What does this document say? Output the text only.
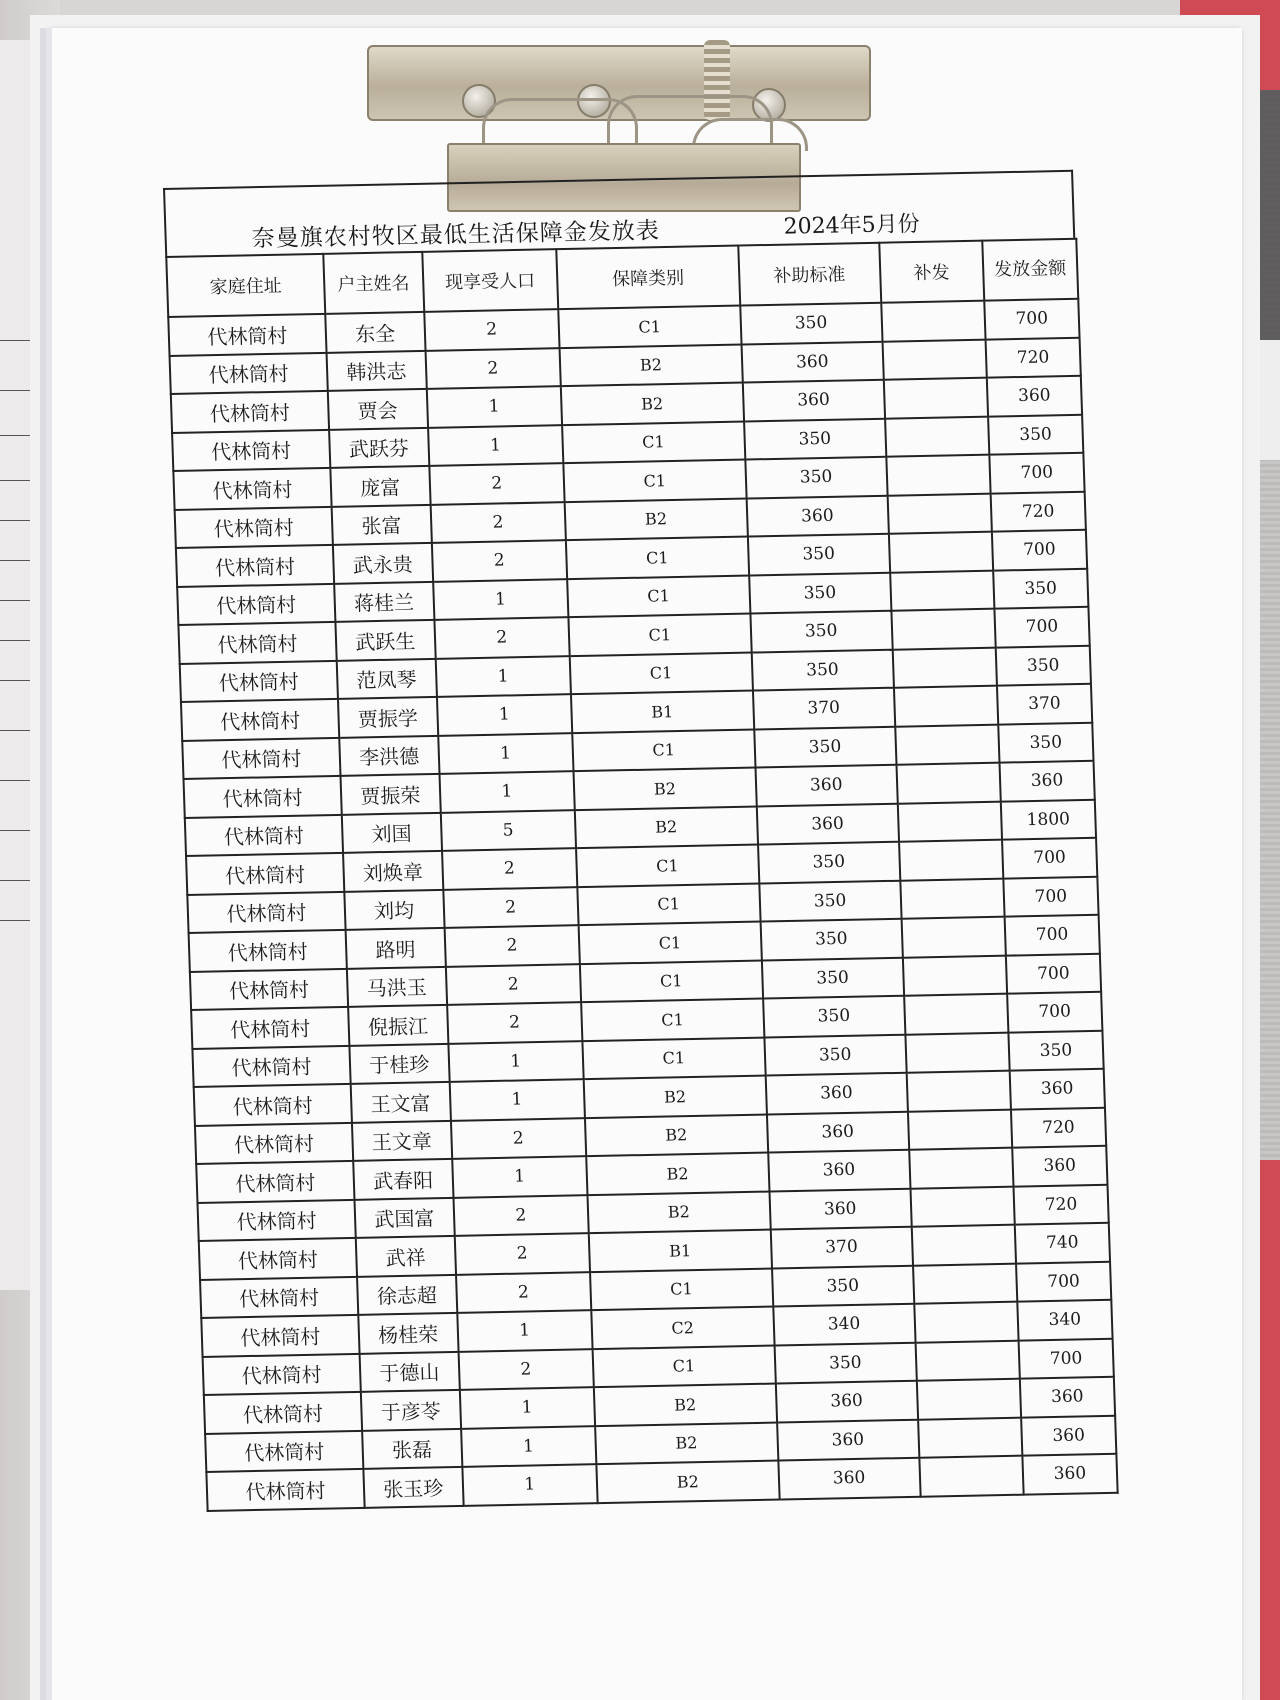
奈曼旗农村牧区最低生活保障金发放表	2024年5月份
家庭住址	户主姓名	现享受人口	保障类别	补助标准	补发	发放金额
代林筒村	东全	2	C1	350		700
代林筒村	韩洪志	2	B2	360		720
代林筒村	贾会	1	B2	360		360
代林筒村	武跃芬	1	C1	350		350
代林筒村	庞富	2	C1	350		700
代林筒村	张富	2	B2	360		720
代林筒村	武永贵	2	C1	350		700
代林筒村	蒋桂兰	1	C1	350		350
代林筒村	武跃生	2	C1	350		700
代林筒村	范凤琴	1	C1	350		350
代林筒村	贾振学	1	B1	370		370
代林筒村	李洪德	1	C1	350		350
代林筒村	贾振荣	1	B2	360		360
代林筒村	刘国	5	B2	360		1800
代林筒村	刘焕章	2	C1	350		700
代林筒村	刘均	2	C1	350		700
代林筒村	路明	2	C1	350		700
代林筒村	马洪玉	2	C1	350		700
代林筒村	倪振江	2	C1	350		700
代林筒村	于桂珍	1	C1	350		350
代林筒村	王文富	1	B2	360		360
代林筒村	王文章	2	B2	360		720
代林筒村	武春阳	1	B2	360		360
代林筒村	武国富	2	B2	360		720
代林筒村	武祥	2	B1	370		740
代林筒村	徐志超	2	C1	350		700
代林筒村	杨桂荣	1	C2	340		340
代林筒村	于德山	2	C1	350		700
代林筒村	于彦苓	1	B2	360		360
代林筒村	张磊	1	B2	360		360
代林筒村	张玉珍	1	B2	360		360
